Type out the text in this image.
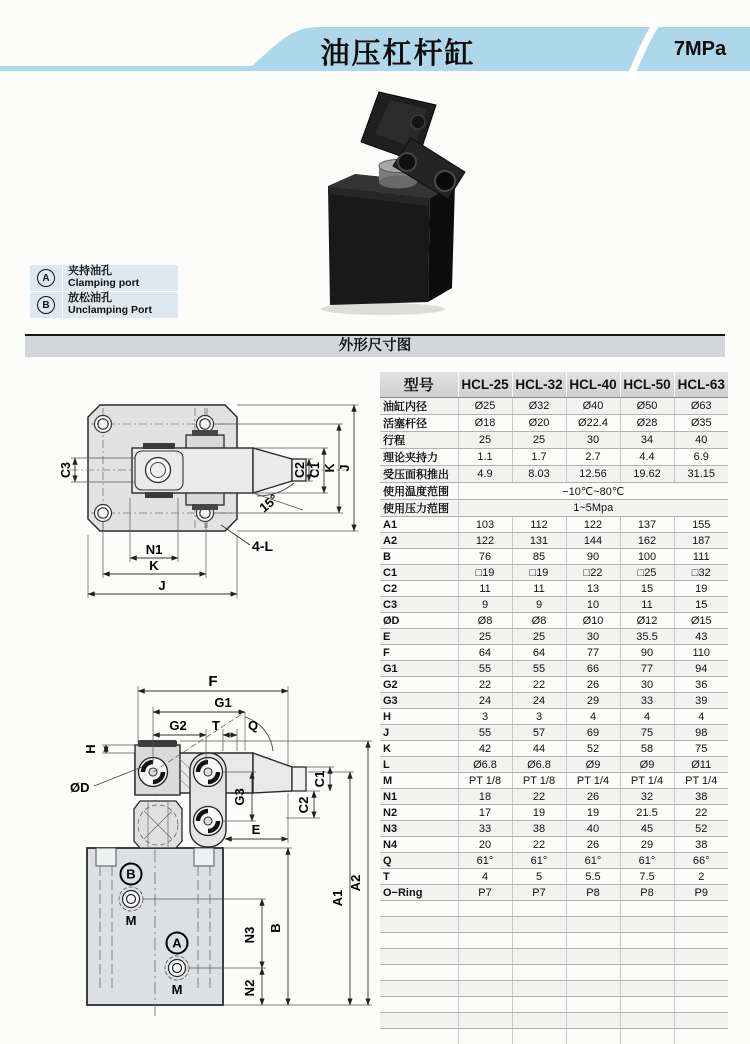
油压杠杆缸	7MPa
A
夹持油孔
Clamping port
B
放松油孔
Unclamping Port
外形尺寸图
15°
N1
K
J
C2 C1 K J
C3
4-L
B
M
A
M
F
G1
G2 T Q
H
ØD
G3
E
C1
C2
N3
N2
B
A1
A2
型号	HCL-25	HCL-32	HCL-40	HCL-50	HCL-63
油缸内径	Ø25	Ø32	Ø40	Ø50	Ø63
活塞杆径	Ø18	Ø20	Ø22.4	Ø28	Ø35
行程	25	25	30	34	40
理论夹持力	1.1	1.7	2.7	4.4	6.9
受压面积推出	4.9	8.03	12.56	19.62	31.15
使用温度范围	−10℃~80℃				
使用压力范围	1~5Mpa				
A1	103	112	122	137	155
A2	122	131	144	162	187
B	76	85	90	100	111
C1	□19	□19	□22	□25	□32
C2	11	11	13	15	19
C3	9	9	10	11	15
ØD	Ø8	Ø8	Ø10	Ø12	Ø15
E	25	25	30	35.5	43
F	64	64	77	90	110
G1	55	55	66	77	94
G2	22	22	26	30	36
G3	24	24	29	33	39
H	3	3	4	4	4
J	55	57	69	75	98
K	42	44	52	58	75
L	Ø6.8	Ø6.8	Ø9	Ø9	Ø11
M	PT 1/8	PT 1/8	PT 1/4	PT 1/4	PT 1/4
N1	18	22	26	32	38
N2	17	19	19	21.5	22
N3	33	38	40	45	52
N4	20	22	26	29	38
Q	61°	61°	61°	61°	66°
T	4	5	5.5	7.5	2
O−Ring	P7	P7	P8	P8	P9
